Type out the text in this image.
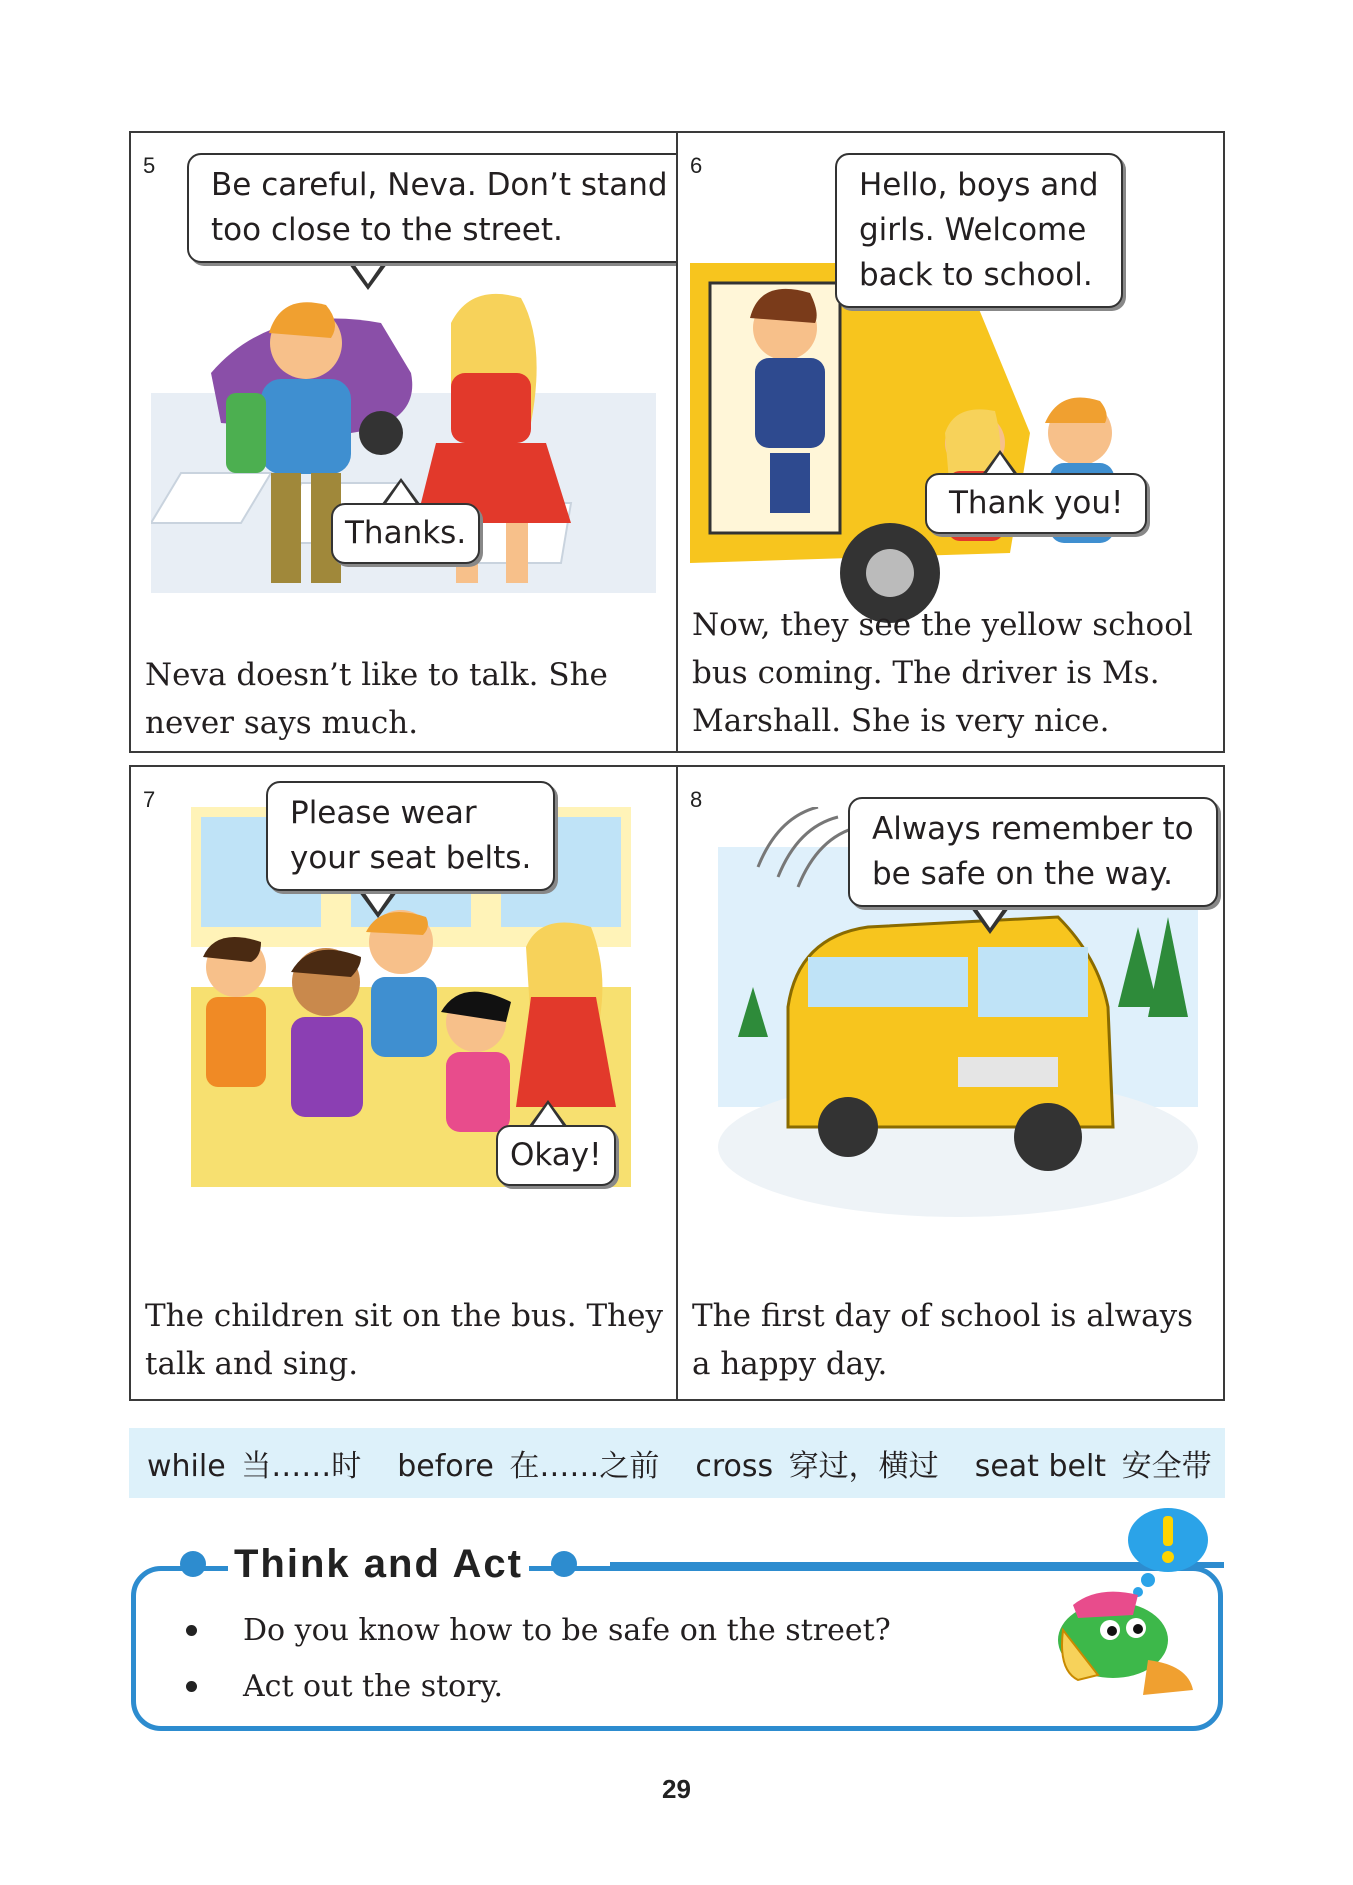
5
Be careful, Neva. Don’t stand
too close to the street.
Thanks.
Neva doesn’t like to talk. She
never says much.
6
Hello, boys and
girls. Welcome
back to school.
Thank you!
Now, they see the yellow school
bus coming. The driver is Ms.
Marshall. She is very nice.
7	Please wear
your seat belts.
Okay!
The children sit on the bus. They
talk and sing.
8
Always remember to
be safe on the way.
The first day of school is always
a happy day.
while 当……时 before 在……之前 cross 穿过，横过 seat belt 安全带
Think and Act
Do you know how to be safe on the street?
Act out the story.
29
